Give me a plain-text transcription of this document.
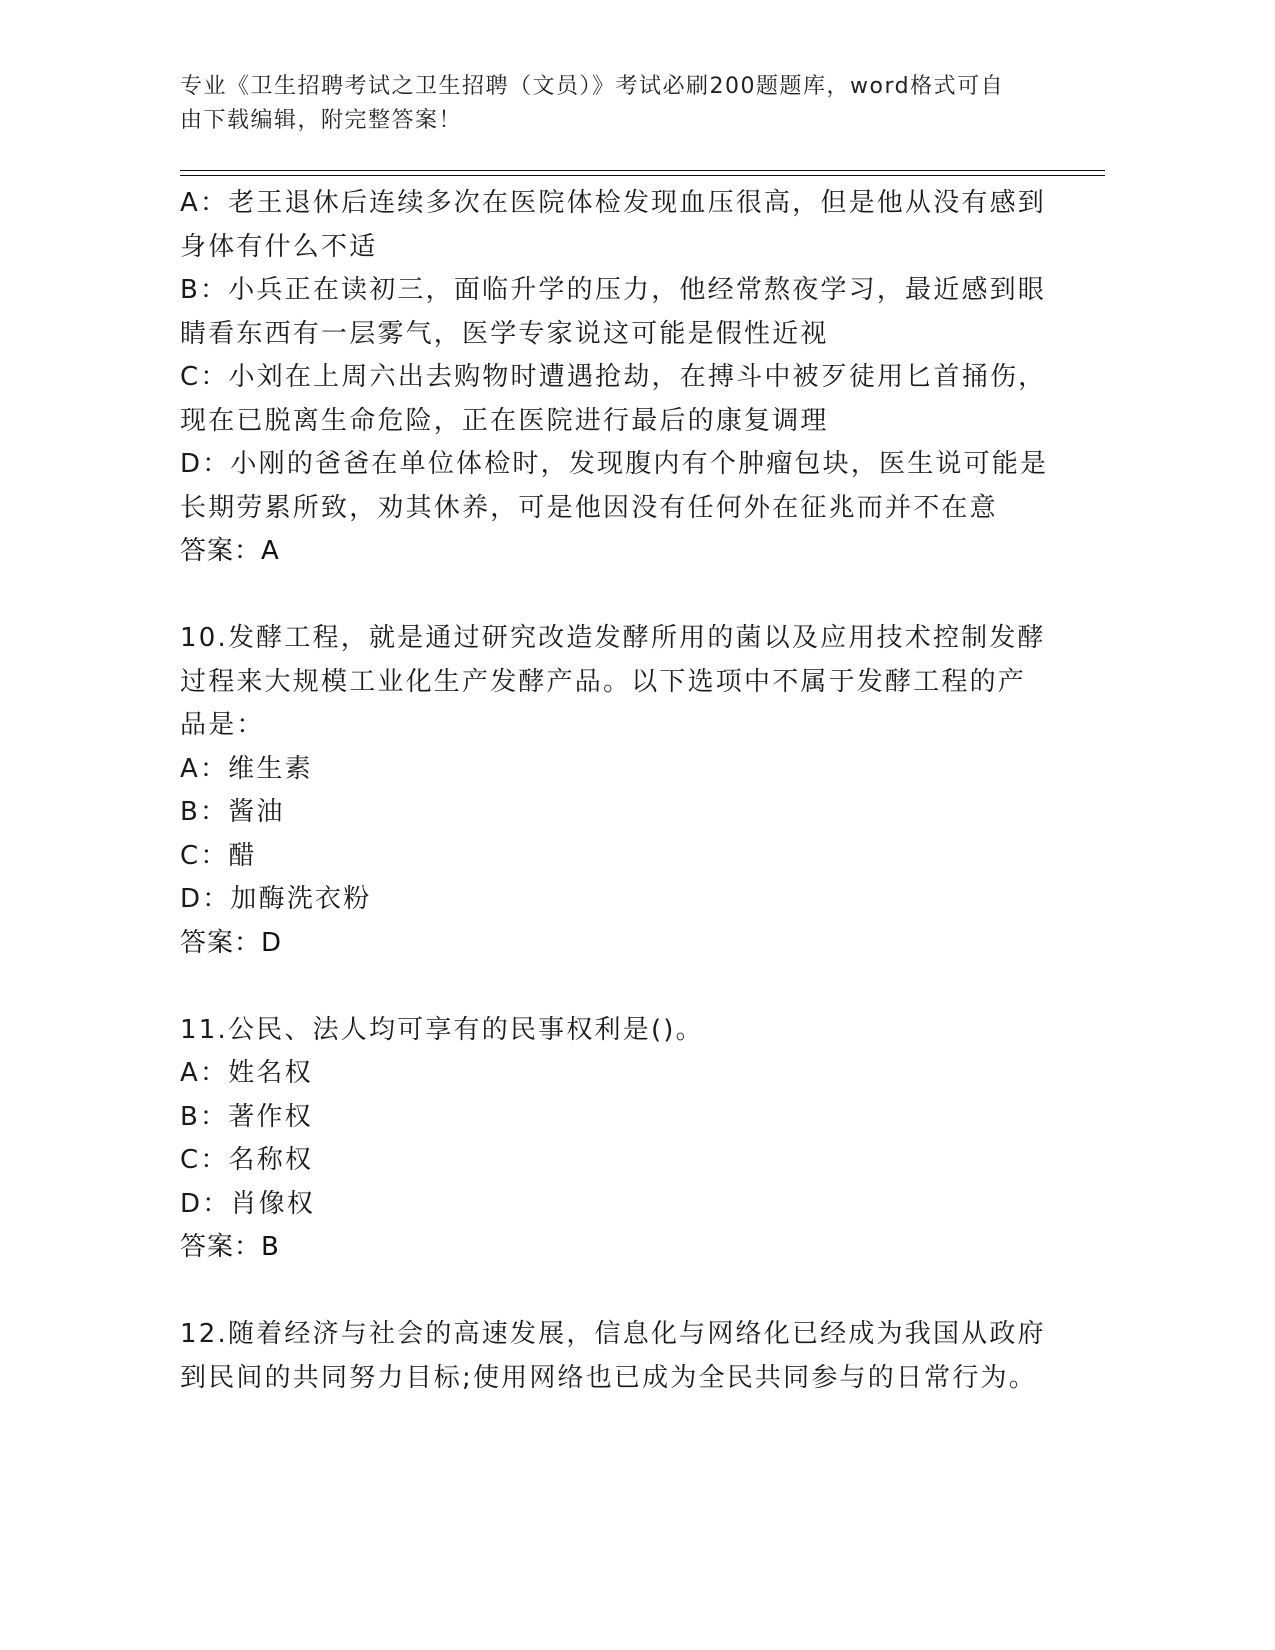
专业《卫生招聘考试之卫生招聘（文员）》考试必刷200题题库，word格式可自
由下载编辑，附完整答案！
A：老王退休后连续多次在医院体检发现血压很高，但是他从没有感到
身体有什么不适
B：小兵正在读初三，面临升学的压力，他经常熬夜学习，最近感到眼
睛看东西有一层雾气，医学专家说这可能是假性近视
C：小刘在上周六出去购物时遭遇抢劫，在搏斗中被歹徒用匕首捅伤，
现在已脱离生命危险，正在医院进行最后的康复调理
D：小刚的爸爸在单位体检时，发现腹内有个肿瘤包块，医生说可能是
长期劳累所致，劝其休养，可是他因没有任何外在征兆而并不在意
答案：A
10.发酵工程，就是通过研究改造发酵所用的菌以及应用技术控制发酵
过程来大规模工业化生产发酵产品。以下选项中不属于发酵工程的产
品是：
A：维生素
B：酱油
C：醋
D：加酶洗衣粉
答案：D
11.公民、法人均可享有的民事权利是()。
A：姓名权
B：著作权
C：名称权
D：肖像权
答案：B
12.随着经济与社会的高速发展，信息化与网络化已经成为我国从政府
到民间的共同努力目标;使用网络也已成为全民共同参与的日常行为。
